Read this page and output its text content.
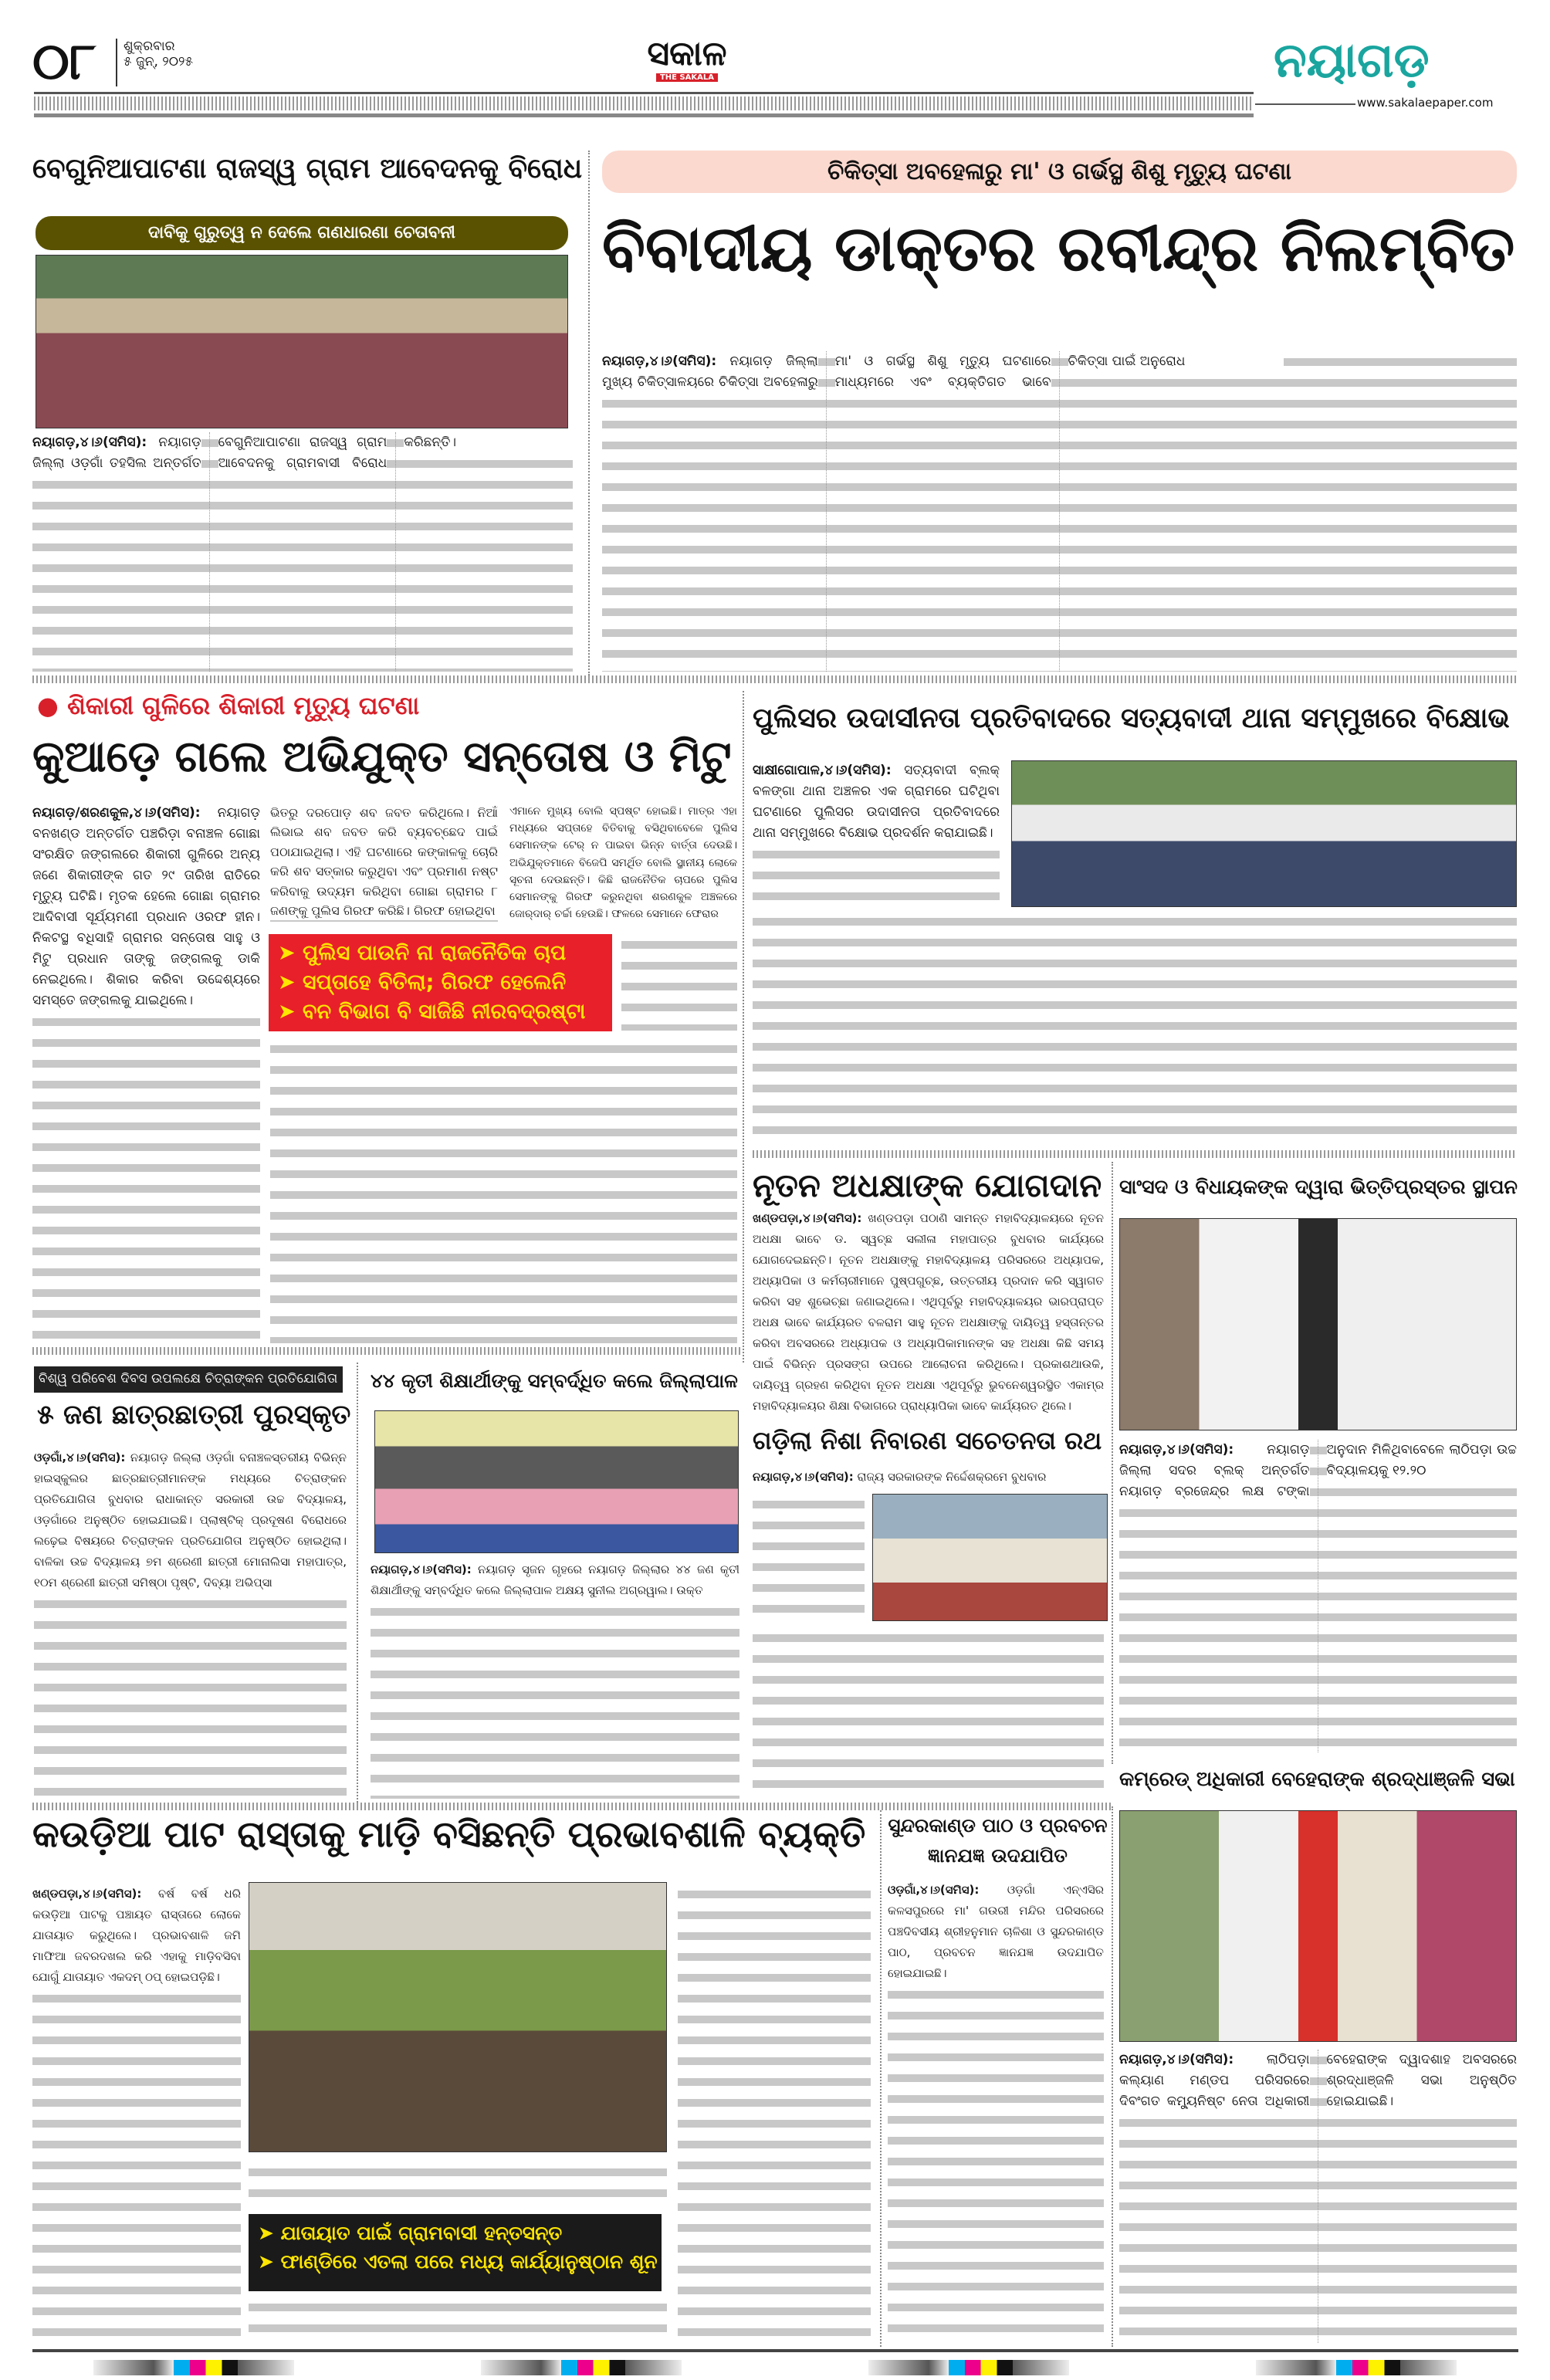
୦୮	ଶୁକ୍ରବାର
୫ ଜୁନ୍, ୨୦୨୫	ସକାଳ
THE SAKALA	ନୟାଗଡ଼
www.sakalaepaper.com
ବେଗୁନିଆପାଟଣା ରାଜସ୍ୱ ଗ୍ରାମ ଆବେଦନକୁ ବିରୋଧ
ଦାବିକୁ ଗୁରୁତ୍ୱ ନ ଦେଲେ ଗଣଧାରଣା ଚେତାବନୀ

ନୟାଗଡ଼,୪।୬(ସମିସ): ନୟାଗଡ଼ ଜିଲ୍ଲା ଓଡ଼ଗାଁ ତହସିଲ ଅନ୍ତର୍ଗତ ବେଗୁନିଆପାଟଣା ରାଜସ୍ୱ ଗ୍ରାମ ଆବେଦନକୁ ଗ୍ରାମବାସୀ ବିରୋଧ କରିଛନ୍ତି।

ଚିକିତ୍ସା ଅବହେଳାରୁ ମା' ଓ ଗର୍ଭସ୍ଥ ଶିଶୁ ମୃତ୍ୟୁ ଘଟଣା
ବିବାଦୀୟ ଡାକ୍ତର ରବୀନ୍ଦ୍ର ନିଲମ୍ବିତ

ନୟାଗଡ଼,୪।୬(ସମିସ): ନୟାଗଡ଼ ଜିଲ୍ଲା ମୁଖ୍ୟ ଚିକିତ୍ସାଳୟରେ ଚିକିତ୍ସା ଅବହେଳାରୁ ମା' ଓ ଗର୍ଭସ୍ଥ ଶିଶୁ ମୃତ୍ୟୁ ଘଟଣାରେ ମାଧ୍ୟମରେ ଏବଂ ବ୍ୟକ୍ତିଗତ ଭାବେ ଚିକିତ୍ସା ପାଇଁ ଅନୁରୋଧ

● ଶିକାରୀ ଗୁଳିରେ ଶିକାରୀ ମୃତ୍ୟୁ ଘଟଣା
କୁଆଡ଼େ ଗଲେ ଅଭିଯୁକ୍ତ ସନ୍ତୋଷ ଓ ମିଟୁ

ନୟାଗଡ଼/ଶରଣକୁଳ,୪।୬(ସମିସ): ନୟାଗଡ଼ ବନଖଣ୍ଡ ଅନ୍ତର୍ଗତ ପଞ୍ଚରିଡ଼ା ବନାଞ୍ଚଳ ଗୋଛା ସଂରକ୍ଷିତ ଜଙ୍ଗଲରେ ଶିକାରୀ ଗୁଳିରେ ଅନ୍ୟ ଜଣେ ଶିକାରୀଙ୍କ ଗତ ୨୯ ତାରିଖ ରାତିରେ ମୃତ୍ୟୁ ଘଟିଛି। ମୃତକ ହେଲେ ଗୋଛା ଗ୍ରାମର ଆଦିବାସୀ ସୂର୍ଯ୍ୟମଣୀ ପ୍ରଧାନ ଓରଫ ହୀନ। ନିକଟସ୍ଥ ବଧିସାହି ଗ୍ରାମର ସନ୍ତୋଷ ସାହୁ ଓ ମିଟୁ ପ୍ରଧାନ ତାଙ୍କୁ ଜଙ୍ଗଲକୁ ଡାକି ନେଇଥିଲେ। ଶିକାର କରିବା ଉଦ୍ଦେଶ୍ୟରେ ସମସ୍ତେ ଜଙ୍ଗଲକୁ ଯାଇଥିଲେ।

ଭିତରୁ ଦରପୋଡ଼ ଶବ ଜବତ କରିଥିଲେ। ନିଆଁ ଲିଭାଇ ଶବ ଜବତ କରି ବ୍ୟବଚ୍ଛେଦ ପାଇଁ ପଠାଯାଇଥିଲା। ଏହି ଘଟଣାରେ କଙ୍କାଳକୁ ଚୋରି କରି ଶବ ସତ୍କାର କରୁଥିବା ଏବଂ ପ୍ରମାଣ ନଷ୍ଟ କରିବାକୁ ଉଦ୍ୟମ କରିଥିବା ଗୋଛା ଗ୍ରାମର ୮ ଜଣଙ୍କୁ ପୁଲିସ ଗିରଫ କରିଛି। ଗିରଫ ହୋଇଥିବା

ଏମାନେ ମୁଖ୍ୟ ବୋଲି ସ୍ପଷ୍ଟ ହୋଇଛି। ମାତ୍ର ଏହା ମଧ୍ୟରେ ସପ୍ତାହେ ବିତିବାକୁ ବସିଥିବାବେଳେ ପୁଲିସ ସେମାନଙ୍କ ଟେର୍ ନ ପାଇବା ଭିନ୍ନ ବାର୍ତ୍ତା ଦେଉଛି। ଅଭିଯୁକ୍ତମାନେ ବିଜେପି ସମର୍ଥିତ ବୋଲି ସ୍ଥାନୀୟ ଲୋକେ ସୂଚନା ଦେଉଛନ୍ତି। କିଛି ରାଜନୈତିକ ଚାପରେ ପୁଲିସ ସେମାନଙ୍କୁ ଗିରଫ କରୁନଥିବା ଶରଣକୁଳ ଅଞ୍ଚଳରେ ଜୋର୍‌ଦାର୍ ଚର୍ଚ୍ଚା ହେଉଛି। ଫଳରେ ସେମାନେ ଫେରାର

➤ ପୁଲିସ ପାଉନି ନା ରାଜନୈତିକ ଚାପ
➤ ସପ୍ତାହେ ବିତିଲା; ଗିରଫ ହେଲେନି
➤ ବନ ବିଭାଗ ବି ସାଜିଛି ନୀରବଦ୍ରଷ୍ଟା
ପୁଲିସର ଉଦାସୀନତା ପ୍ରତିବାଦରେ ସତ୍ୟବାଦୀ ଥାନା ସମ୍ମୁଖରେ ବିକ୍ଷୋଭ

ସାକ୍ଷୀଗୋପାଳ,୪।୬(ସମିସ): ସତ୍ୟବାଦୀ ବ୍ଲକ୍ ବଳଙ୍ଗା ଥାନା ଅଞ୍ଚଳର ଏକ ଗ୍ରାମରେ ଘଟିଥିବା ଘଟଣାରେ ପୁଲିସର ଉଦାସୀନତା ପ୍ରତିବାଦରେ ଥାନା ସମ୍ମୁଖରେ ବିକ୍ଷୋଭ ପ୍ରଦର୍ଶନ କରାଯାଇଛି।

ନୂତନ ଅଧକ୍ଷାଙ୍କ ଯୋଗଦାନ

ଖଣ୍ଡପଡ଼ା,୪।୬(ସମିସ): ଖଣ୍ଡପଡ଼ା ପଠାଣି ସାମନ୍ତ ମହାବିଦ୍ୟାଳୟରେ ନୂତନ ଅଧକ୍ଷା ଭାବେ ଡ. ସ୍ୱଚ୍ଛ ସଲୀଳା ମହାପାତ୍ର ବୁଧବାର କାର୍ଯ୍ୟରେ ଯୋଗଦେଇଛନ୍ତି। ନୂତନ ଅଧକ୍ଷାଙ୍କୁ ମହାବିଦ୍ୟାଳୟ ପରିସରରେ ଅଧ୍ୟାପକ, ଅଧ୍ୟାପିକା ଓ କର୍ମଚାରୀମାନେ ପୁଷ୍ପଗୁଚ୍ଛ, ଉତ୍ତରୀୟ ପ୍ରଦାନ କରି ସ୍ୱାଗତ କରିବା ସହ ଶୁଭେଚ୍ଛା ଜଣାଇଥିଲେ। ଏଥିପୂର୍ବରୁ ମହାବିଦ୍ୟାଳୟର ଭାରପ୍ରାପ୍ତ ଅଧକ୍ଷ ଭାବେ କାର୍ଯ୍ୟରତ ବଳରାମ ସାହୁ ନୂତନ ଅଧକ୍ଷାଙ୍କୁ ଦାୟିତ୍ୱ ହସ୍ତାନ୍ତର କରିବା ଅବସରରେ ଅଧ୍ୟାପକ ଓ ଅଧ୍ୟାପିକାମାନଙ୍କ ସହ ଅଧକ୍ଷା କିଛି ସମୟ ପାଇଁ ବିଭିନ୍ନ ପ୍ରସଙ୍ଗ ଉପରେ ଆଲୋଚନା କରିଥିଲେ। ପ୍ରକାଶଥାଉକି, ଦାୟିତ୍ୱ ଗ୍ରହଣ କରିଥିବା ନୂତନ ଅଧକ୍ଷା ଏଥିପୂର୍ବରୁ ଭୁବନେଶ୍ୱରସ୍ଥିତ ଏକାମ୍ର ମହାବିଦ୍ୟାଳୟର ଶିକ୍ଷା ବିଭାଗରେ ପ୍ରାଧ୍ୟାପିକା ଭାବେ କାର୍ଯ୍ୟରତ ଥିଲେ।

ସାଂସଦ ଓ ବିଧାୟକଙ୍କ ଦ୍ୱାରା ଭିତ୍ତିପ୍ରସ୍ତର ସ୍ଥାପନ

ନୟାଗଡ଼,୪।୬(ସମିସ):	ନୟାଗଡ଼ ଜିଲ୍ଲା ସଦର ବ୍ଲକ୍ ଅନ୍ତର୍ଗତ ନୟାଗଡ଼ ବ୍ରଜେନ୍ଦ୍ର ଲକ୍ଷ ଟଙ୍କା ଅନୁଦାନ ମିଳିଥିବାବେଳେ ଲାଠିପଡ଼ା ଉଚ୍ଚ ବିଦ୍ୟାଳୟକୁ ୧୨.୨୦

ବିଶ୍ୱ ପରିବେଶ ଦିବସ ଉପଲକ୍ଷେ ଚିତ୍ରାଙ୍କନ ପ୍ରତିଯୋଗିତା
୫ ଜଣ ଛାତ୍ରଛାତ୍ରୀ ପୁରସ୍କୃତ

ଓଡ଼ଗାଁ,୪।୬(ସମିସ): ନୟାଗଡ଼ ଜିଲ୍ଲା ଓଡ଼ଗାଁ ବନାଞ୍ଚଳସ୍ତରୀୟ ବିଭିନ୍ନ ହାଇସ୍କୁଲର ଛାତ୍ରଛାତ୍ରୀମାନଙ୍କ ମଧ୍ୟରେ ଚିତ୍ରାଙ୍କନ ପ୍ରତିଯୋଗିତା ବୁଧବାର ରାଧାକାନ୍ତ ସରକାରୀ ଉଚ୍ଚ ବିଦ୍ୟାଳୟ, ଓଡ଼ଗାଁରେ ଅନୁଷ୍ଠିତ ହୋଇଯାଇଛି। ପ୍ଲାଷ୍ଟିକ୍ ପ୍ରଦୂଷଣ ବିରୋଧରେ ଲଢ଼େଇ ବିଷୟରେ ଚିତ୍ରାଙ୍କନ ପ୍ରତିଯୋଗିତା ଅନୁଷ୍ଠିତ ହୋଇଥିଲା। ବାଳିକା ଉଚ୍ଚ ବିଦ୍ୟାଳୟ ୭ମ ଶ୍ରେଣୀ ଛାତ୍ରୀ ମୋନାଲିସା ମହାପାତ୍ର, ୧୦ମ ଶ୍ରେଣୀ ଛାତ୍ରୀ ସମିଷ୍ଠା ପୃଷ୍ଟି, ଦିବ୍ୟା ଅଭିପ୍ସା

୪୪ କୃତୀ ଶିକ୍ଷାର୍ଥୀଙ୍କୁ ସମ୍ବର୍ଦ୍ଧିତ କଲେ ଜିଲ୍ଲାପାଳ

ନୟାଗଡ଼,୪।୬(ସମିସ): ନୟାଗଡ଼ ସୃଜନ ଗୃହରେ ନୟାଗଡ଼ ଜିଲ୍ଲାର ୪୪ ଜଣ କୃତୀ ଶିକ୍ଷାର୍ଥୀଙ୍କୁ ସମ୍ବର୍ଦ୍ଧିତ କଲେ ଜିଲ୍ଲାପାଳ ଅକ୍ଷୟ ସୁନୀଲ ଅଗ୍ରୱାଲ। ଉକ୍ତ

ଗଡ଼ିଲା ନିଶା ନିବାରଣ ସଚେତନତା ରଥ

ନୟାଗଡ଼,୪।୬(ସମିସ): ରାଜ୍ୟ ସରକାରଙ୍କ ନିର୍ଦ୍ଦେଶକ୍ରମେ ବୁଧବାର

କମ୍ରେଡ୍ ଅଧିକାରୀ ବେହେରାଙ୍କ ଶ୍ରଦ୍ଧାଞ୍ଜଳି ସଭା

ନୟାଗଡ଼,୪।୬(ସମିସ):	ଲାଠିପଡ଼ା କଲ୍ୟାଣ ମଣ୍ଡପ ପରିସରରେ ଦିବଂଗତ କମ୍ୟୁନିଷ୍ଟ ନେତା ଅଧିକାରୀ ବେହେରାଙ୍କ ଦ୍ୱାଦଶାହ ଅବସରରେ ଶ୍ରଦ୍ଧାଞ୍ଜଳି ସଭା ଅନୁଷ୍ଠିତ ହୋଇଯାଇଛି।

କଉଡ଼ିଆ ପାଟ ରାସ୍ତାକୁ ମାଡ଼ି ବସିଛନ୍ତି ପ୍ରଭାବଶାଳି ବ୍ୟକ୍ତି

ଖଣ୍ଡପଡ଼ା,୪।୬(ସମିସ): ବର୍ଷ ବର୍ଷ ଧରି କଉଡ଼ିଆ ପାଟକୁ ପଞ୍ଚାୟତ ରାସ୍ତାରେ ଲୋକେ ଯାତାୟାତ କରୁଥିଲେ। ପ୍ରଭାବଶାଳି ଜମି ମାଫିଆ ଜବରଦଖଲ କରି ଏହାକୁ ମାଡ଼ିବସିବା ଯୋଗୁଁ ଯାତାୟାତ ଏକଦମ୍ ଠପ୍ ହୋଇପଡ଼ିଛି।

➤ ଯାତାୟାତ ପାଇଁ ଗ୍ରାମବାସୀ ହନ୍ତସନ୍ତ
➤ ଫାଣ୍ଡିରେ ଏତଲା ପରେ ମଧ୍ୟ କାର୍ଯ୍ୟାନୁଷ୍ଠାନ ଶୂନ
ସୁନ୍ଦରକାଣ୍ଡ ପାଠ ଓ ପ୍ରବଚନ
ଜ୍ଞାନଯଜ୍ଞ ଉଦଯାପିତ

ଓଡ଼ଗାଁ,୪।୬(ସମିସ): ଓଡ଼ଗାଁ ଏନ୍‌ଏସିର କଳସପୁରରେ ମା' ଗଉରୀ ମନ୍ଦିର ପରିସରରେ ପଞ୍ଚଦିବସୀୟ ଶ୍ରୀହନୁମାନ ଚାଳିଶା ଓ ସୁନ୍ଦରକାଣ୍ଡ ପାଠ, ପ୍ରବଚନ ଜ୍ଞାନଯଜ୍ଞ ଉଦଯାପିତ ହୋଇଯାଇଛି।
